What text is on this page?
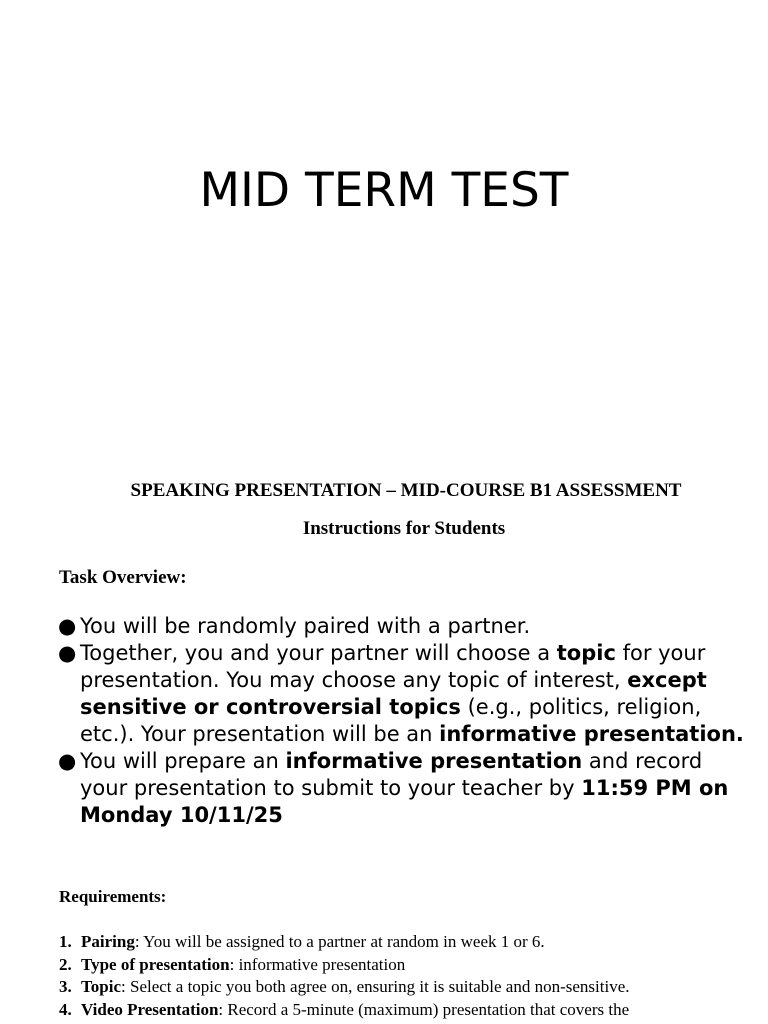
MID TERM TEST
SPEAKING PRESENTATION – MID-COURSE B1 ASSESSMENT
Instructions for Students

Task Overview:

● You will be randomly paired with a partner.
● Together, you and your partner will choose a topic for your presentation. You may choose any topic of interest, except sensitive or controversial topics (e.g., politics, religion, etc.). Your presentation will be an informative presentation.
● You will prepare an informative presentation and record your presentation to submit to your teacher by 11:59 PM on Monday 10/11/25

Requirements:

1. Pairing: You will be assigned to a partner at random in week 1 or 6.
2. Type of presentation: informative presentation
3. Topic: Select a topic you both agree on, ensuring it is suitable and non-sensitive.
4. Video Presentation: Record a 5-minute (maximum) presentation that covers the
